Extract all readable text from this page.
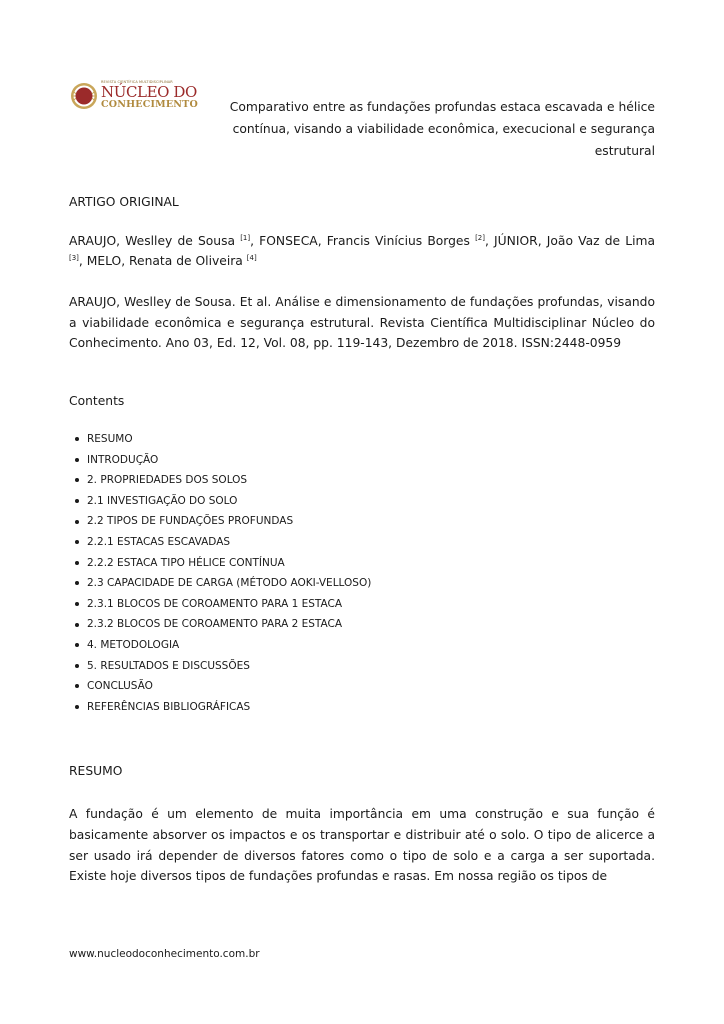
REVISTA CIENTÍFICA MULTIDISCIPLINAR
NÚCLEO DO
CONHECIMENTO	Comparativo entre as fundações profundas estaca escavada e hélice contínua, visando a viabilidade econômica, execucional e segurança estrutural
ARTIGO ORIGINAL
ARAUJO, Weslley de Sousa [1], FONSECA, Francis Vinícius Borges [2], JÚNIOR, João Vaz de Lima [3], MELO, Renata de Oliveira [4]
ARAUJO, Weslley de Sousa. Et al. Análise e dimensionamento de fundações profundas, visando a viabilidade econômica e segurança estrutural. Revista Científica Multidisciplinar Núcleo do Conhecimento. Ano 03, Ed. 12, Vol. 08, pp. 119-143, Dezembro de 2018. ISSN:2448-0959
Contents
RESUMO
INTRODUÇÃO
2. PROPRIEDADES DOS SOLOS
2.1 INVESTIGAÇÃO DO SOLO
2.2 TIPOS DE FUNDAÇÕES PROFUNDAS
2.2.1 ESTACAS ESCAVADAS
2.2.2 ESTACA TIPO HÉLICE CONTÍNUA
2.3 CAPACIDADE DE CARGA (MÉTODO AOKI-VELLOSO)
2.3.1 BLOCOS DE COROAMENTO PARA 1 ESTACA
2.3.2 BLOCOS DE COROAMENTO PARA 2 ESTACA
4. METODOLOGIA
5. RESULTADOS E DISCUSSÕES
CONCLUSÃO
REFERÊNCIAS BIBLIOGRÁFICAS
RESUMO
A fundação é um elemento de muita importância em uma construção e sua função é basicamente absorver os impactos e os transportar e distribuir até o solo. O tipo de alicerce a ser usado irá depender de diversos fatores como o tipo de solo e a carga a ser suportada. Existe hoje diversos tipos de fundações profundas e rasas. Em nossa região os tipos de
www.nucleodoconhecimento.com.br
